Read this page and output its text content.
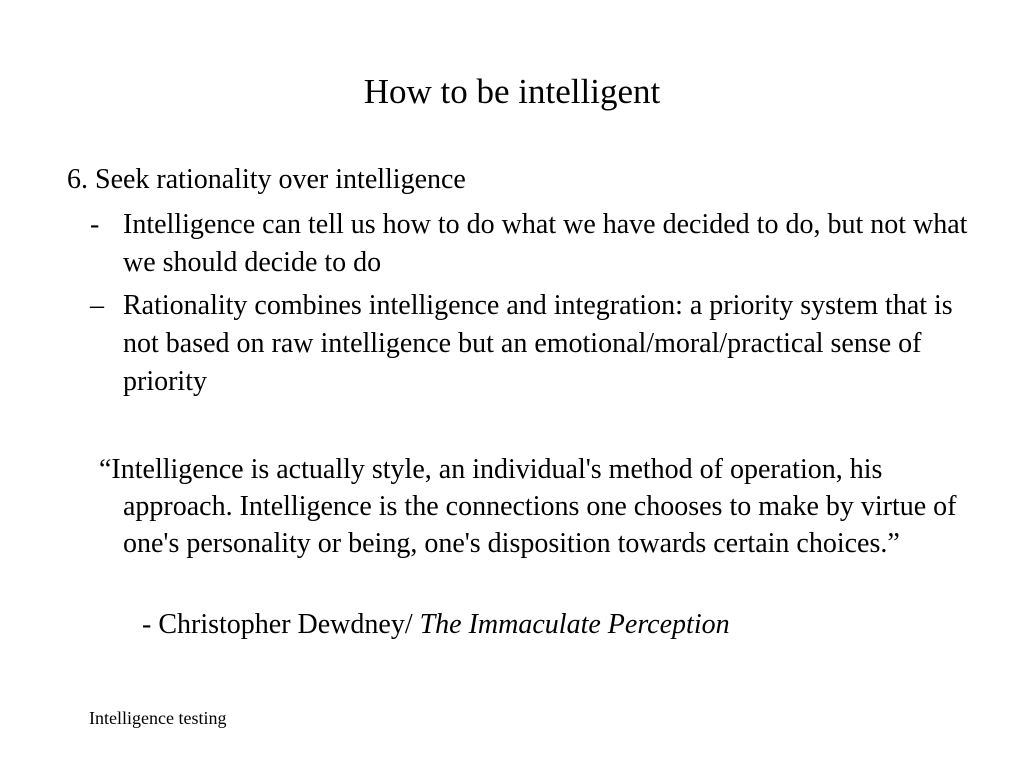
How to be intelligent
6. Seek rationality over intelligence
- Intelligence can tell us how to do what we have decided to do, but not what we should decide to do
– Rationality combines intelligence and integration: a priority system that is not based on raw intelligence but an emotional/moral/practical sense of priority
“Intelligence is actually style, an individual's method of operation, his approach. Intelligence is the connections one chooses to make by virtue of one's personality or being, one's disposition towards certain choices.”
- Christopher Dewdney/ The Immaculate Perception
Intelligence testing
